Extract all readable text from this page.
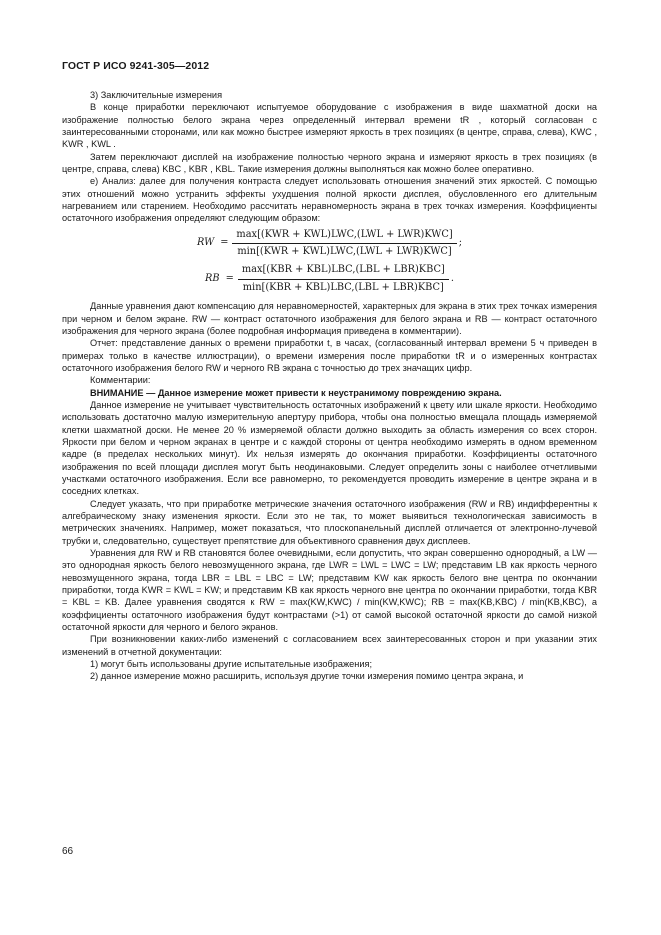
ГОСТ Р ИСО 9241-305—2012

3) Заключительные измерения

В конце приработки переключают испытуемое оборудование с изображения в виде шахматной доски на изображение полностью белого экрана через определенный интервал времени tR , который согласован с заинтересованными сторонами, или как можно быстрее измеряют яркость в трех позициях (в центре, справа, слева), KWC , KWR , KWL .

Затем переключают дисплей на изображение полностью черного экрана и измеряют яркость в трех позициях (в центре, справа, слева) KBC , KBR , KBL. Такие измерения должны выполняться как можно более оперативно.

е) Анализ: далее для получения контраста следует использовать отношения значений этих яркостей. С помощью этих отношений можно устранить эффекты ухудшения полной яркости дисплея, обусловленного его длительным нагреванием или старением. Необходимо рассчитать неравномерность экрана в трех точках измерения. Коэффициенты остаточного изображения определяют следующим образом:

RW = $\frac{\text{max[(KWR + KWL)LWC,(LWL + LWR)KWC]}}{\text{min[(KWR + KWL)LWC,(LWL + LWR)KWC]}}$ ;
RB = $\frac{\text{max[(KBR + KBL)LBC,(LBL + LBR)KBC]}}{\text{min[(KBR + KBL)LBC,(LBL + LBR)KBC]}}$ .

Данные уравнения дают компенсацию для неравномерностей, характерных для экрана в этих трех точках измерения при черном и белом экране. RW — контраст остаточного изображения для белого экрана и RB — контраст остаточного изображения для черного экрана (более подробная информация приведена в комментарии).

Отчет: представление данных о времени приработки t, в часах, (согласованный интервал времени 5 ч приведен в примерах только в качестве иллюстрации), о времени измерения после приработки tR и о измеренных контрастах остаточного изображения белого RW и черного RB экрана с точностью до трех значащих цифр.

Комментарии:

ВНИМАНИЕ — Данное измерение может привести к неустранимому повреждению экрана.

Данное измерение не учитывает чувствительность остаточных изображений к цвету или шкале яркости. Необходимо использовать достаточно малую измерительную апертуру прибора, чтобы она полностью вмещала площадь измеряемой клетки шахматной доски. Не менее 20 % измеряемой области должно выходить за область измерения со всех сторон. Яркости при белом и черном экранах в центре и с каждой стороны от центра необходимо измерять в одном временном кадре (в пределах нескольких минут). Их нельзя измерять до окончания приработки. Коэффициенты остаточного изображения по всей площади дисплея могут быть неодинаковыми. Следует определить зоны с наиболее отчетливыми участками остаточного изображения. Если все равномерно, то рекомендуется проводить измерение в центре экрана и в соседних клетках.

Следует указать, что при приработке метрические значения остаточного изображения (RW и RB) индифферентны к алгебраическому знаку изменения яркости. Если это не так, то может выявиться технологическая зависимость в метрических значениях. Например, может показаться, что плоскопанельный дисплей отличается от электронно-лучевой трубки и, следовательно, существует препятствие для объективного сравнения двух дисплеев.

Уравнения для RW и RB становятся более очевидными, если допустить, что экран совершенно однородный, а LW — это однородная яркость белого невозмущенного экрана, где LWR = LWL = LWC = LW; представим LB как яркость черного невозмущенного экрана, тогда LBR = LBL = LBC = LW; представим KW как яркость белого вне центра по окончании приработки, тогда KWR = KWL = KW; и представим KB как яркость черного вне центра по окончании приработки, тогда KBR = KBL = KB. Далее уравнения сводятся к RW = max(KW,KWC) / min(KW,KWC); RB = max(KB,KBC) / min(KB,KBC), а коэффициенты остаточного изображения будут контрастами (>1) от самой высокой остаточной яркости до самой низкой остаточной яркости для черного и белого экранов.

При возникновении каких-либо изменений с согласованием всех заинтересованных сторон и при указании этих изменений в отчетной документации:

1) могут быть использованы другие испытательные изображения;

2) данное измерение можно расширить, используя другие точки измерения помимо центра экрана, и

66
